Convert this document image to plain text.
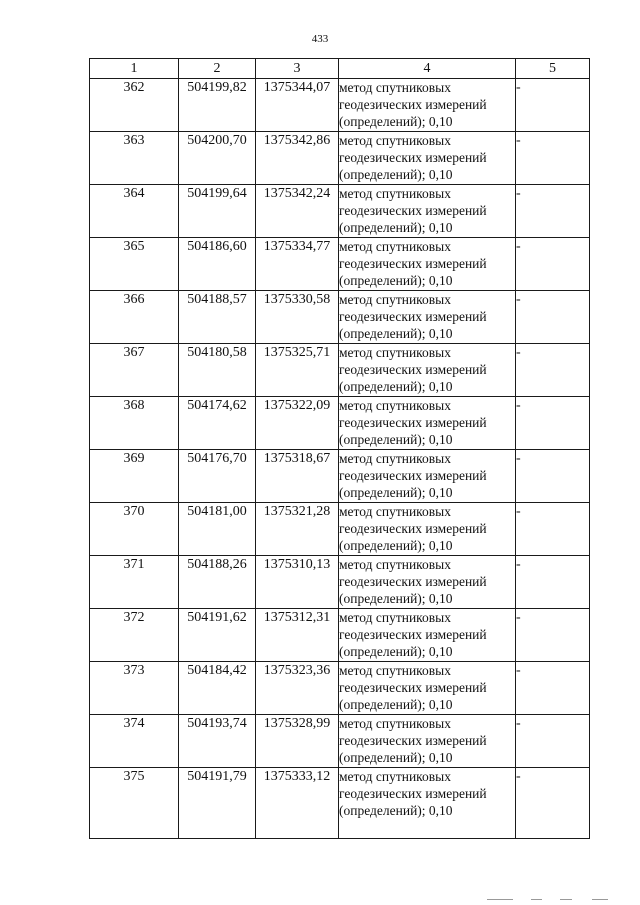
433
1	2	3	4	5
362	504199,82	1375344,07	метод спутниковых геодезических измерений (определений); 0,10	-
363	504200,70	1375342,86	метод спутниковых геодезических измерений (определений); 0,10	-
364	504199,64	1375342,24	метод спутниковых геодезических измерений (определений); 0,10	-
365	504186,60	1375334,77	метод спутниковых геодезических измерений (определений); 0,10	-
366	504188,57	1375330,58	метод спутниковых геодезических измерений (определений); 0,10	-
367	504180,58	1375325,71	метод спутниковых геодезических измерений (определений); 0,10	-
368	504174,62	1375322,09	метод спутниковых геодезических измерений (определений); 0,10	-
369	504176,70	1375318,67	метод спутниковых геодезических измерений (определений); 0,10	-
370	504181,00	1375321,28	метод спутниковых геодезических измерений (определений); 0,10	-
371	504188,26	1375310,13	метод спутниковых геодезических измерений (определений); 0,10	-
372	504191,62	1375312,31	метод спутниковых геодезических измерений (определений); 0,10	-
373	504184,42	1375323,36	метод спутниковых геодезических измерений (определений); 0,10	-
374	504193,74	1375328,99	метод спутниковых геодезических измерений (определений); 0,10	-
375	504191,79	1375333,12	метод спутниковых геодезических измерений (определений); 0,10	-
